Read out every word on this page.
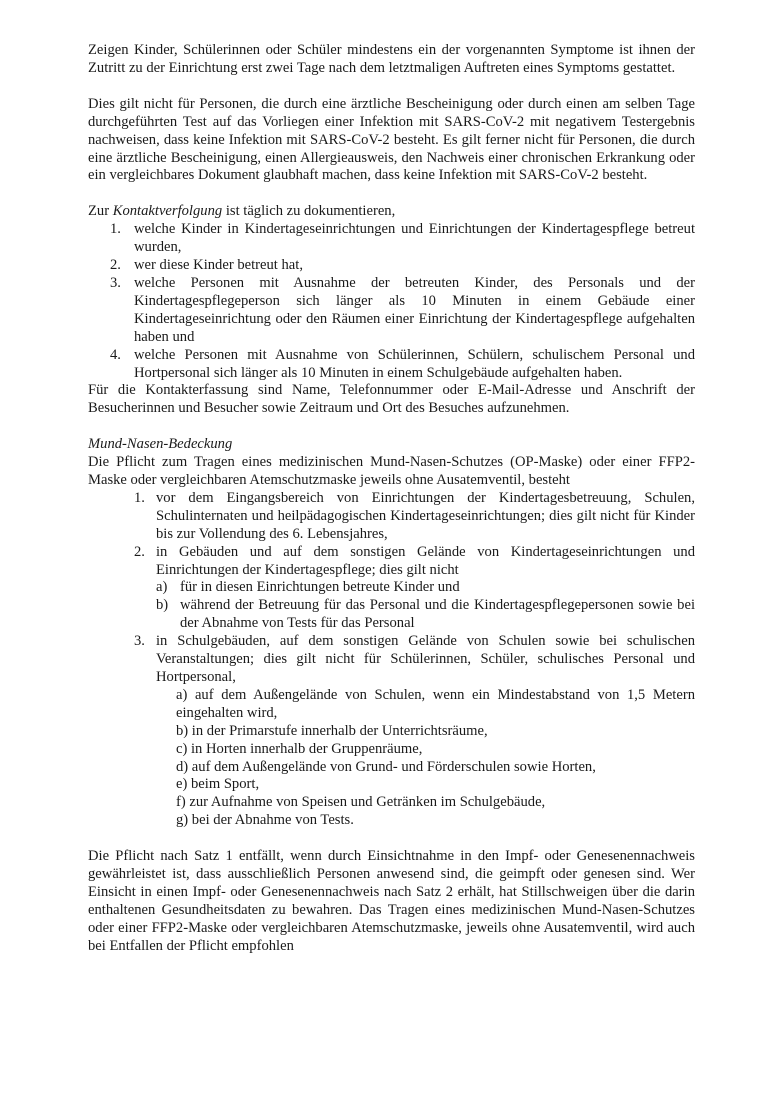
Zeigen Kinder, Schülerinnen oder Schüler mindestens ein der vorgenannten Symptome ist ihnen der Zutritt zu der Einrichtung erst zwei Tage nach dem letztmaligen Auftreten eines Symptoms gestattet.

Dies gilt nicht für Personen, die durch eine ärztliche Bescheinigung oder durch einen am selben Tage durchgeführten Test auf das Vorliegen einer Infektion mit SARS-CoV-2 mit negativem Testergebnis nachweisen, dass keine Infektion mit SARS-CoV-2 besteht. Es gilt ferner nicht für Personen, die durch eine ärztliche Bescheinigung, einen Allergieausweis, den Nachweis einer chronischen Erkrankung oder ein vergleichbares Dokument glaubhaft machen, dass keine Infektion mit SARS-CoV-2 besteht.

Zur Kontaktverfolgung ist täglich zu dokumentieren,

1. welche Kinder in Kindertageseinrichtungen und Einrichtungen der Kindertagespflege betreut wurden,
2. wer diese Kinder betreut hat,
3. welche Personen mit Ausnahme der betreuten Kinder, des Personals und der Kindertagespflegeperson sich länger als 10 Minuten in einem Gebäude einer Kindertageseinrichtung oder den Räumen einer Einrichtung der Kindertagespflege aufgehalten haben und
4. welche Personen mit Ausnahme von Schülerinnen, Schülern, schulischem Personal und Hortpersonal sich länger als 10 Minuten in einem Schulgebäude aufgehalten haben.

Für die Kontakterfassung sind Name, Telefonnummer oder E-Mail-Adresse und Anschrift der Besucherinnen und Besucher sowie Zeitraum und Ort des Besuches aufzunehmen.

Mund-Nasen-Bedeckung

Die Pflicht zum Tragen eines medizinischen Mund-Nasen-Schutzes (OP-Maske) oder einer FFP2-Maske oder vergleichbaren Atemschutzmaske jeweils ohne Ausatemventil, besteht

1. vor dem Eingangsbereich von Einrichtungen der Kindertagesbetreuung, Schulen, Schulinternaten und heilpädagogischen Kindertageseinrichtungen; dies gilt nicht für Kinder bis zur Vollendung des 6. Lebensjahres,
2. in Gebäuden und auf dem sonstigen Gelände von Kindertageseinrichtungen und Einrichtungen der Kindertagespflege; dies gilt nicht
a) für in diesen Einrichtungen betreute Kinder und
b) während der Betreuung für das Personal und die Kindertagespflegepersonen sowie bei der Abnahme von Tests für das Personal
3. in Schulgebäuden, auf dem sonstigen Gelände von Schulen sowie bei schulischen Veranstaltungen; dies gilt nicht für Schülerinnen, Schüler, schulisches Personal und Hortpersonal,
a) auf dem Außengelände von Schulen, wenn ein Mindestabstand von 1,5 Metern eingehalten wird,
b) in der Primarstufe innerhalb der Unterrichtsräume,
c) in Horten innerhalb der Gruppenräume,
d) auf dem Außengelände von Grund- und Förderschulen sowie Horten,
e) beim Sport,
f) zur Aufnahme von Speisen und Getränken im Schulgebäude,
g) bei der Abnahme von Tests.

Die Pflicht nach Satz 1 entfällt, wenn durch Einsichtnahme in den Impf- oder Genesenennachweis gewährleistet ist, dass ausschließlich Personen anwesend sind, die geimpft oder genesen sind. Wer Einsicht in einen Impf- oder Genesenennachweis nach Satz 2 erhält, hat Stillschweigen über die darin enthaltenen Gesundheitsdaten zu bewahren. Das Tragen eines medizinischen Mund-Nasen-Schutzes oder einer FFP2-Maske oder vergleichbaren Atemschutzmaske, jeweils ohne Ausatemventil, wird auch bei Entfallen der Pflicht empfohlen
